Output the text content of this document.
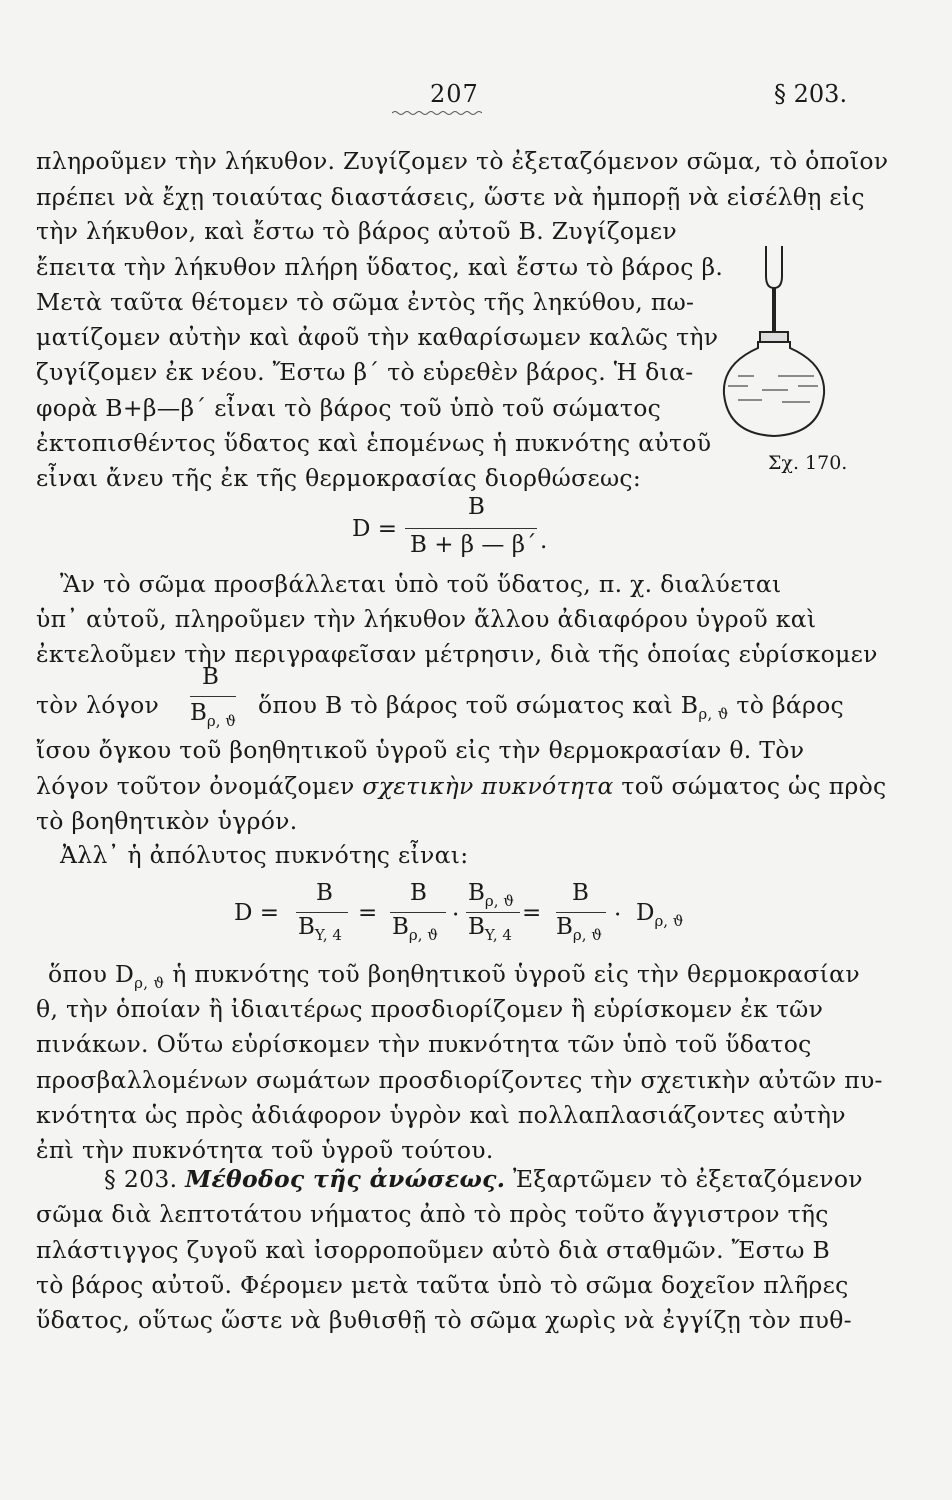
207	§ 203.
πληροῦμεν τὴν λήκυθον. Ζυγίζομεν τὸ ἐξεταζόμενον σῶμα, τὸ ὁποῖον
πρέπει νὰ ἔχῃ τοιαύτας διαστάσεις, ὥστε νὰ ἠμπορῇ νὰ εἰσέλθῃ εἰς
τὴν λήκυθον, καὶ ἔστω τὸ βάρος αὐτοῦ Β. Ζυγίζομεν
ἔπειτα τὴν λήκυθον πλήρη ὕδατος, καὶ ἔστω τὸ βάρος β.
Μετὰ ταῦτα θέτομεν τὸ σῶμα ἐντὸς τῆς ληκύθου, πω-
ματίζομεν αὐτὴν καὶ ἀφοῦ τὴν καθαρίσωμεν καλῶς τὴν
ζυγίζομεν ἐκ νέου. Ἔστω β΄ τὸ εὑρεθὲν βάρος. Ἡ δια-
φορὰ Β+β—β΄ εἶναι τὸ βάρος τοῦ ὑπὸ τοῦ σώματος
ἐκτοπισθέντος ὕδατος καὶ ἑπομένως ἡ πυκνότης αὐτοῦ
εἶναι ἄνευ τῆς ἐκ τῆς θερμοκρασίας διορθώσεως:
Σχ. 170.
D =
B
B + β — β΄ .
Ἂν τὸ σῶμα προσβάλλεται ὑπὸ τοῦ ὕδατος, π. χ. διαλύεται
ὑπ᾽ αὐτοῦ, πληροῦμεν τὴν λήκυθον ἄλλου ἀδιαφόρου ὑγροῦ καὶ
ἐκτελοῦμεν τὴν περιγραφεῖσαν μέτρησιν, διὰ τῆς ὁποίας εὑρίσκομεν
τὸν λόγον
B
$B_{\rho, ϑ}$
ὅπου B τὸ βάρος τοῦ σώματος καὶ $B_{\rho, ϑ}$ τὸ βάρος
ἴσου ὄγκου τοῦ βοηθητικοῦ ὑγροῦ εἰς τὴν θερμοκρασίαν θ. Τὸν
λόγον τοῦτον ὀνομάζομεν σχετικὴν πυκνότητα τοῦ σώματος ὡς πρὸς
τὸ βοηθητικὸν ὑγρόν.
Ἀλλ᾽ ἡ ἀπόλυτος πυκνότης εἶναι:
D =
B
$B_{Y, 4}$
=
B
$B_{\rho, ϑ}$
·
$B_{\rho, ϑ}$
$B_{Y, 4}$
=
B
$B_{\rho, ϑ}$
· $D_{\rho, ϑ}$
ὅπου $D_{\rho, ϑ}$ ἡ πυκνότης τοῦ βοηθητικοῦ ὑγροῦ εἰς τὴν θερμοκρασίαν
θ, τὴν ὁποίαν ἢ ἰδιαιτέρως προσδιορίζομεν ἢ εὑρίσκομεν ἐκ τῶν
πινάκων. Οὕτω εὑρίσκομεν τὴν πυκνότητα τῶν ὑπὸ τοῦ ὕδατος
προσβαλλομένων σωμάτων προσδιορίζοντες τὴν σχετικὴν αὐτῶν πυ-
κνότητα ὡς πρὸς ἀδιάφορον ὑγρὸν καὶ πολλαπλασιάζοντες αὐτὴν
ἐπὶ τὴν πυκνότητα τοῦ ὑγροῦ τούτου.
§ 203. Μέθοδος τῆς ἀνώσεως. Ἐξαρτῶμεν τὸ ἐξεταζόμενον
σῶμα διὰ λεπτοτάτου νήματος ἀπὸ τὸ πρὸς τοῦτο ἄγγιστρον τῆς
πλάστιγγος ζυγοῦ καὶ ἰσορροποῦμεν αὐτὸ διὰ σταθμῶν. Ἔστω Β
τὸ βάρος αὐτοῦ. Φέρομεν μετὰ ταῦτα ὑπὸ τὸ σῶμα δοχεῖον πλῆρες
ὕδατος, οὕτως ὥστε νὰ βυθισθῇ τὸ σῶμα χωρὶς νὰ ἐγγίζῃ τὸν πυθ-
